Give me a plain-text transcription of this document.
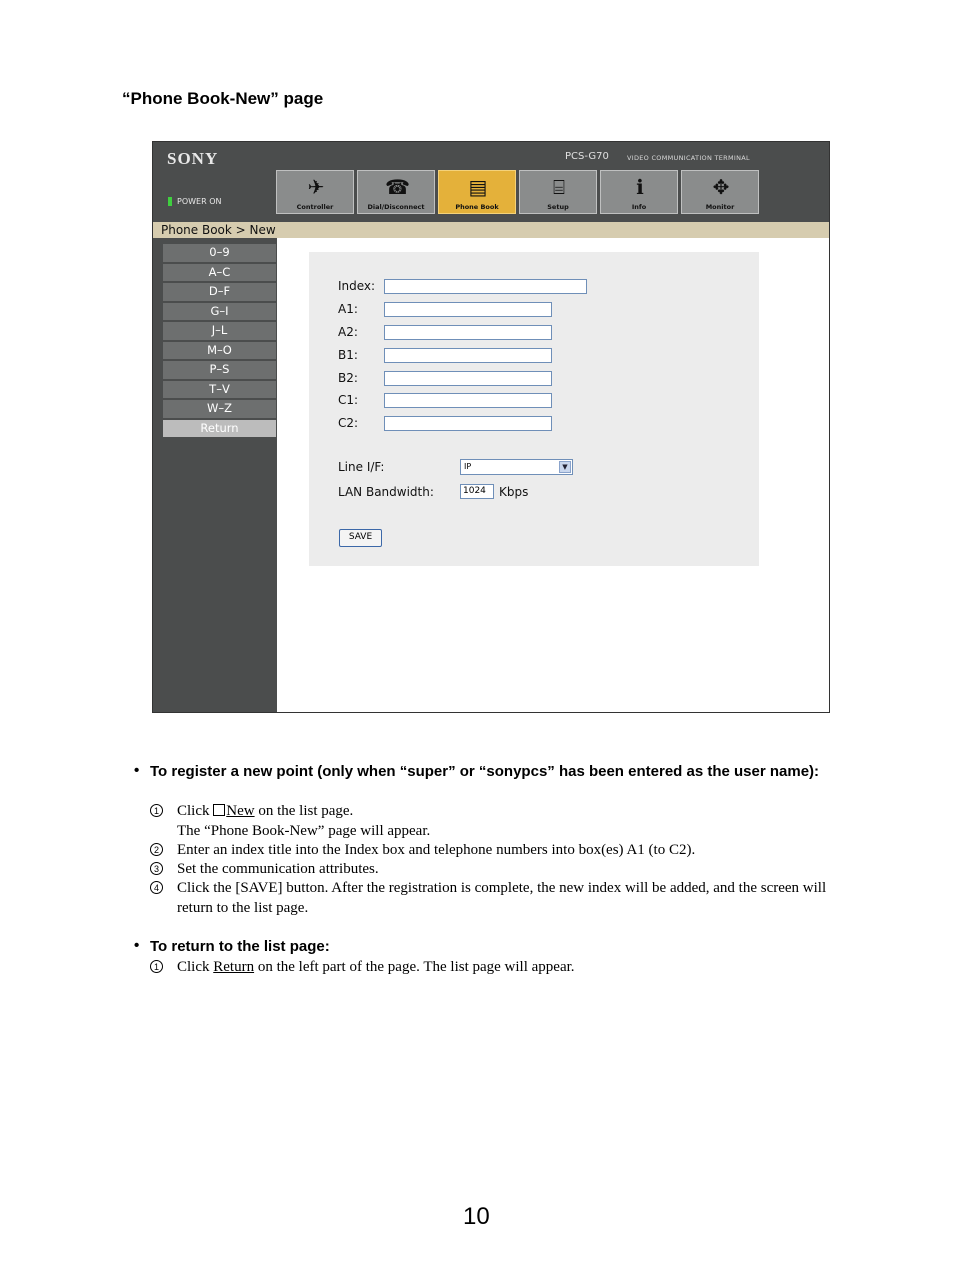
“Phone Book-New” page
SONY	PCS-G70	VIDEO COMMUNICATION TERMINAL
POWER ON
✈
Controller
☎
Dial/Disconnect
▤
Phone Book
⌸
Setup
ℹ
Info
✥
Monitor
Phone Book > New
0–9
A–C
D–F
G–I
J–L
M–O
P–S
T–V
W–Z
Return
Index:
A1:
A2:
B1:
B2:
C1:
C2:
Line I/F:	IP	▼
LAN Bandwidth:	1024	Kbps
SAVE
• To register a new point (only when “super” or “sonypcs” has been entered as the user name):
1 Click New on the list page.
The “Phone Book-New” page will appear.
2 Enter an index title into the Index box and telephone numbers into box(es) A1 (to C2).
3 Set the communication attributes.
4 Click the [SAVE] button. After the registration is complete, the new index will be added, and the screen will return to the list page.
• To return to the list page:
1 Click Return on the left part of the page. The list page will appear.
10
